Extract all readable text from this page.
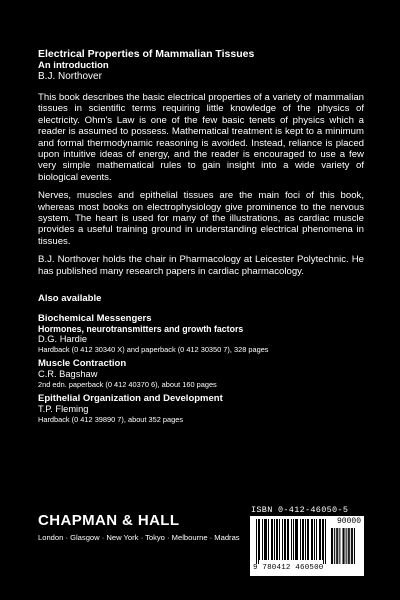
Electrical Properties of Mammalian Tissues
An introduction
B.J. Northover

This book describes the basic electrical properties of a variety of mammalian tissues in scientific terms requiring little knowledge of the physics of electricity. Ohm's Law is one of the few basic tenets of physics which a reader is assumed to possess. Mathematical treatment is kept to a minimum and formal thermodynamic reasoning is avoided. Instead, reliance is placed upon intuitive ideas of energy, and the reader is encouraged to use a few very simple mathematical rules to gain insight into a wide variety of biological events.

Nerves, muscles and epithelial tissues are the main foci of this book, whereas most books on electrophysiology give prominence to the nervous system. The heart is used for many of the illustrations, as cardiac muscle provides a useful training ground in understanding electrical phenomena in tissues.

B.J. Northover holds the chair in Pharmacology at Leicester Polytechnic. He has published many research papers in cardiac pharmacology.

Also available
Biochemical Messengers
Hormones, neurotransmitters and growth factors
D.G. Hardie
Hardback (0 412 30340 X) and paperback (0 412 30350 7), 328 pages
Muscle Contraction
C.R. Bagshaw
2nd edn. paperback (0 412 40370 6), about 160 pages
Epithelial Organization and Development
T.P. Fleming
Hardback (0 412 39890 7), about 352 pages
CHAPMAN & HALL
London · Glasgow · New York · Tokyo · Melbourne · Madras
ISBN 0-412-46050-5
90000
9 780412 460500
